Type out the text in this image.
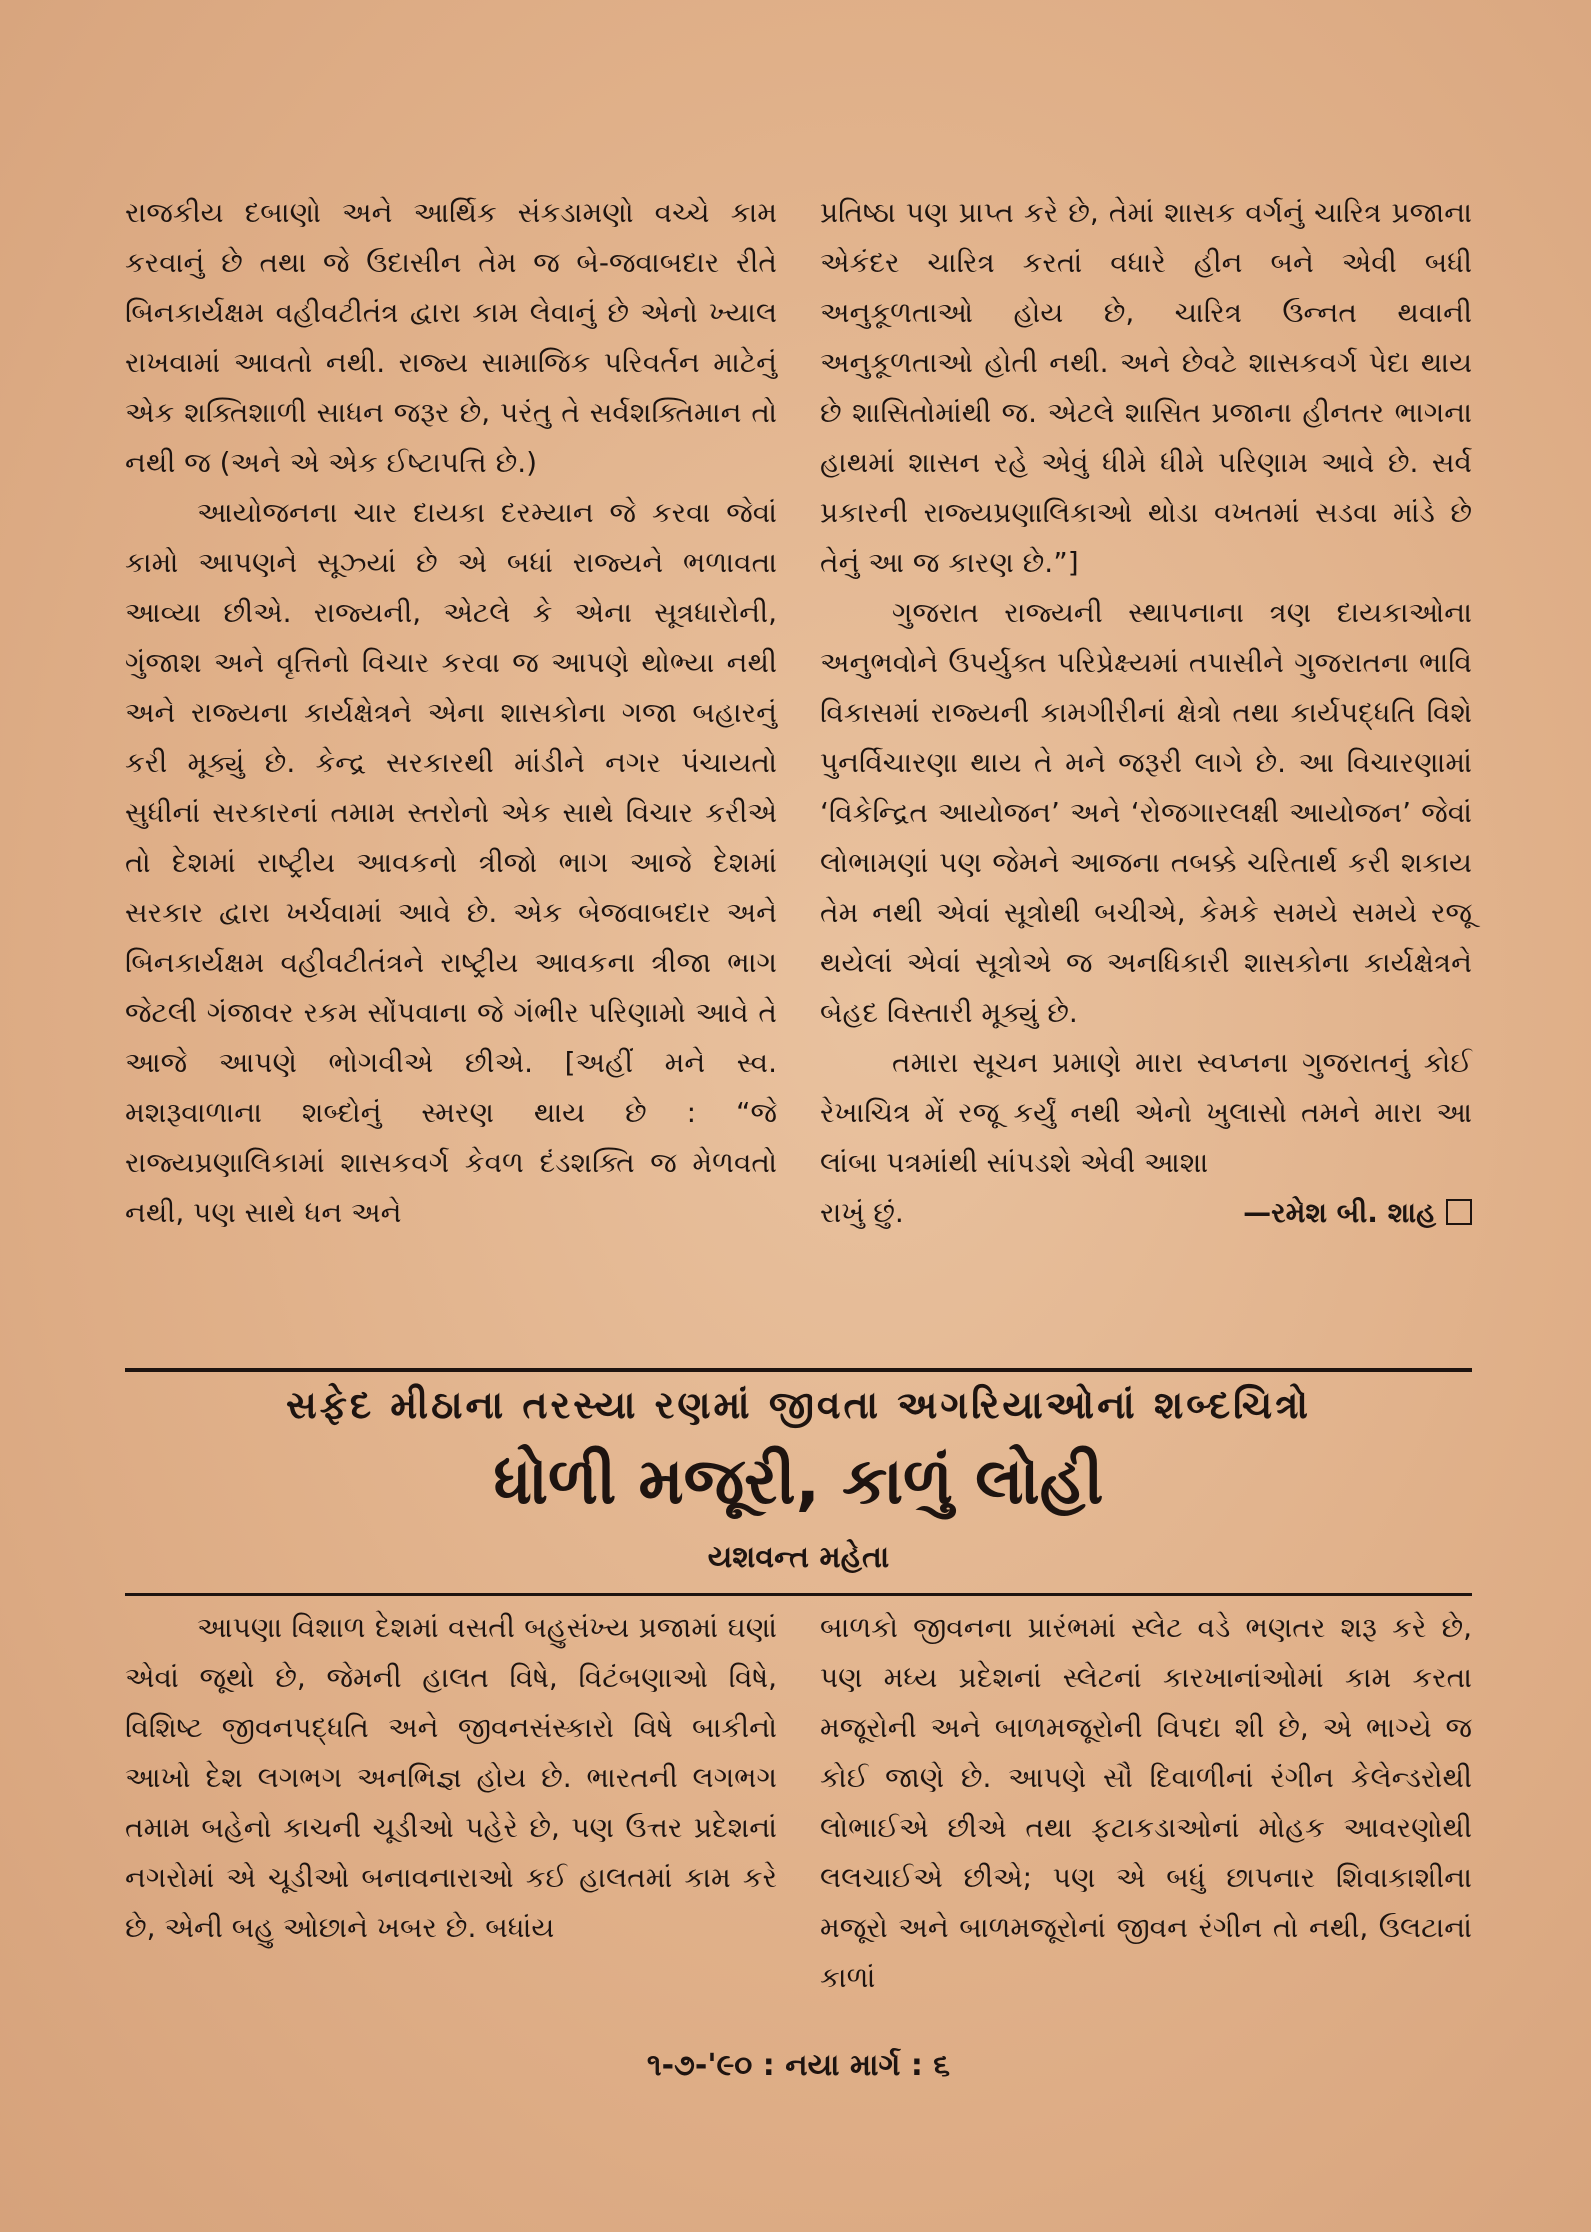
રાજકીય દબાણો અને આર્થિક સંકડામણો વચ્ચે કામ કરવાનું છે તથા જે ઉદાસીન તેમ જ બે-જવાબદાર રીતે બિનકાર્યક્ષમ વહીવટીતંત્ર દ્વારા કામ લેવાનું છે એનો ખ્યાલ રાખવામાં આવતો નથી. રાજ્ય સામાજિક પરિવર્તન માટેનું એક શક્તિશાળી સાધન જરૂર છે, પરંતુ તે સર્વશક્તિમાન તો નથી જ (અને એ એક ઈષ્ટાપત્તિ છે.)

આયોજનના ચાર દાયકા દરમ્યાન જે કરવા જેવાં કામો આપણને સૂઝ્યાં છે એ બધાં રાજ્યને ભળાવતા આવ્યા છીએ. રાજ્યની, એટલે કે એના સૂત્રધારોની, ગુંજાશ અને વૃત્તિનો વિચાર કરવા જ આપણે થોભ્યા નથી અને રાજ્યના કાર્યક્ષેત્રને એના શાસકોના ગજા બહારનું કરી મૂક્યું છે. કેન્દ્ર સરકારથી માંડીને નગર પંચાયતો સુધીનાં સરકારનાં તમામ સ્તરોનો એક સાથે વિચાર કરીએ તો દેશમાં રાષ્ટ્રીય આવકનો ત્રીજો ભાગ આજે દેશમાં સરકાર દ્વારા ખર્ચવામાં આવે છે. એક બેજવાબદાર અને બિનકાર્યક્ષમ વહીવટીતંત્રને રાષ્ટ્રીય આવકના ત્રીજા ભાગ જેટલી ગંજાવર રકમ સોંપવાના જે ગંભીર પરિણામો આવે તે આજે આપણે ભોગવીએ છીએ. [અહીં મને સ્વ. મશરૂવાળાના શબ્દોનું સ્મરણ થાય છે : “જે રાજ્યપ્રણાલિકામાં શાસકવર્ગ કેવળ દંડશક્તિ જ મેળવતો નથી, પણ સાથે ધન અને

પ્રતિષ્ઠા પણ પ્રાપ્ત કરે છે, તેમાં શાસક વર્ગનું ચારિત્ર પ્રજાના એકંદર ચારિત્ર કરતાં વધારે હીન બને એવી બધી અનુકૂળતાઓ હોય છે, ચારિત્ર ઉન્નત થવાની અનુકૂળતાઓ હોતી નથી. અને છેવટે શાસકવર્ગ પેદા થાય છે શાસિતોમાંથી જ. એટલે શાસિત પ્રજાના હીનતર ભાગના હાથમાં શાસન રહે એવું ધીમે ધીમે પરિણામ આવે છે. સર્વ પ્રકારની રાજ્યપ્રણાલિકાઓ થોડા વખતમાં સડવા માંડે છે તેનું આ જ કારણ છે.”]

ગુજરાત રાજ્યની સ્થાપનાના ત્રણ દાયકાઓના અનુભવોને ઉપર્યુક્ત પરિપ્રેક્ષ્યમાં તપાસીને ગુજરાતના ભાવિ વિકાસમાં રાજ્યની કામગીરીનાં ક્ષેત્રો તથા કાર્યપદ્ધતિ વિશે પુનર્વિચારણા થાય તે મને જરૂરી લાગે છે. આ વિચારણામાં ‘વિકેન્દ્રિત આયોજન’ અને ‘રોજગારલક્ષી આયોજન’ જેવાં લોભામણાં પણ જેમને આજના તબક્કે ચરિતાર્થ કરી શકાય તેમ નથી એવાં સૂત્રોથી બચીએ, કેમકે સમયે સમયે રજૂ થયેલાં એવાં સૂત્રોએ જ અનધિકારી શાસકોના કાર્યક્ષેત્રને બેહદ વિસ્તારી મૂક્યું છે.

તમારા સૂચન પ્રમાણે મારા સ્વપ્નના ગુજરાતનું કોઈ રેખાચિત્ર મેં રજૂ કર્યું નથી એનો ખુલાસો તમને મારા આ લાંબા પત્રમાંથી સાંપડશે એવી આશા

રાખું છું.	—રમેશ બી. શાહ
સફેદ મીઠાના તરસ્યા રણમાં જીવતા અગરિયાઓનાં શબ્દચિત્રો
ધોળી મજૂરી, કાળું લોહી
યશવન્ત મહેતા

આપણા વિશાળ દેશમાં વસતી બહુસંખ્ય પ્રજામાં ઘણાં એવાં જૂથો છે, જેમની હાલત વિષે, વિટંબણાઓ વિષે, વિશિષ્ટ જીવનપદ્ધતિ અને જીવનસંસ્કારો વિષે બાકીનો આખો દેશ લગભગ અનભિજ્ઞ હોય છે. ભારતની લગભગ તમામ બહેનો કાચની ચૂડીઓ પહેરે છે, પણ ઉત્તર પ્રદેશનાં નગરોમાં એ ચૂડીઓ બનાવનારાઓ કઈ હાલતમાં કામ કરે છે, એની બહુ ઓછાને ખબર છે. બધાંય

બાળકો જીવનના પ્રારંભમાં સ્લેટ વડે ભણતર શરૂ કરે છે, પણ મધ્ય પ્રદેશનાં સ્લેટનાં કારખાનાંઓમાં કામ કરતા મજૂરોની અને બાળમજૂરોની વિપદા શી છે, એ ભાગ્યે જ કોઈ જાણે છે. આપણે સૌ દિવાળીનાં રંગીન કેલેન્ડરોથી લોભાઈએ છીએ તથા ફટાકડાઓનાં મોહક આવરણોથી લલચાઈએ છીએ; પણ એ બધું છાપનાર શિવાકાશીના મજૂરો અને બાળમજૂરોનાં જીવન રંગીન તો નથી, ઉલટાનાં કાળાં

૧-૭-'૯૦ : નયા માર્ગ : ૬
